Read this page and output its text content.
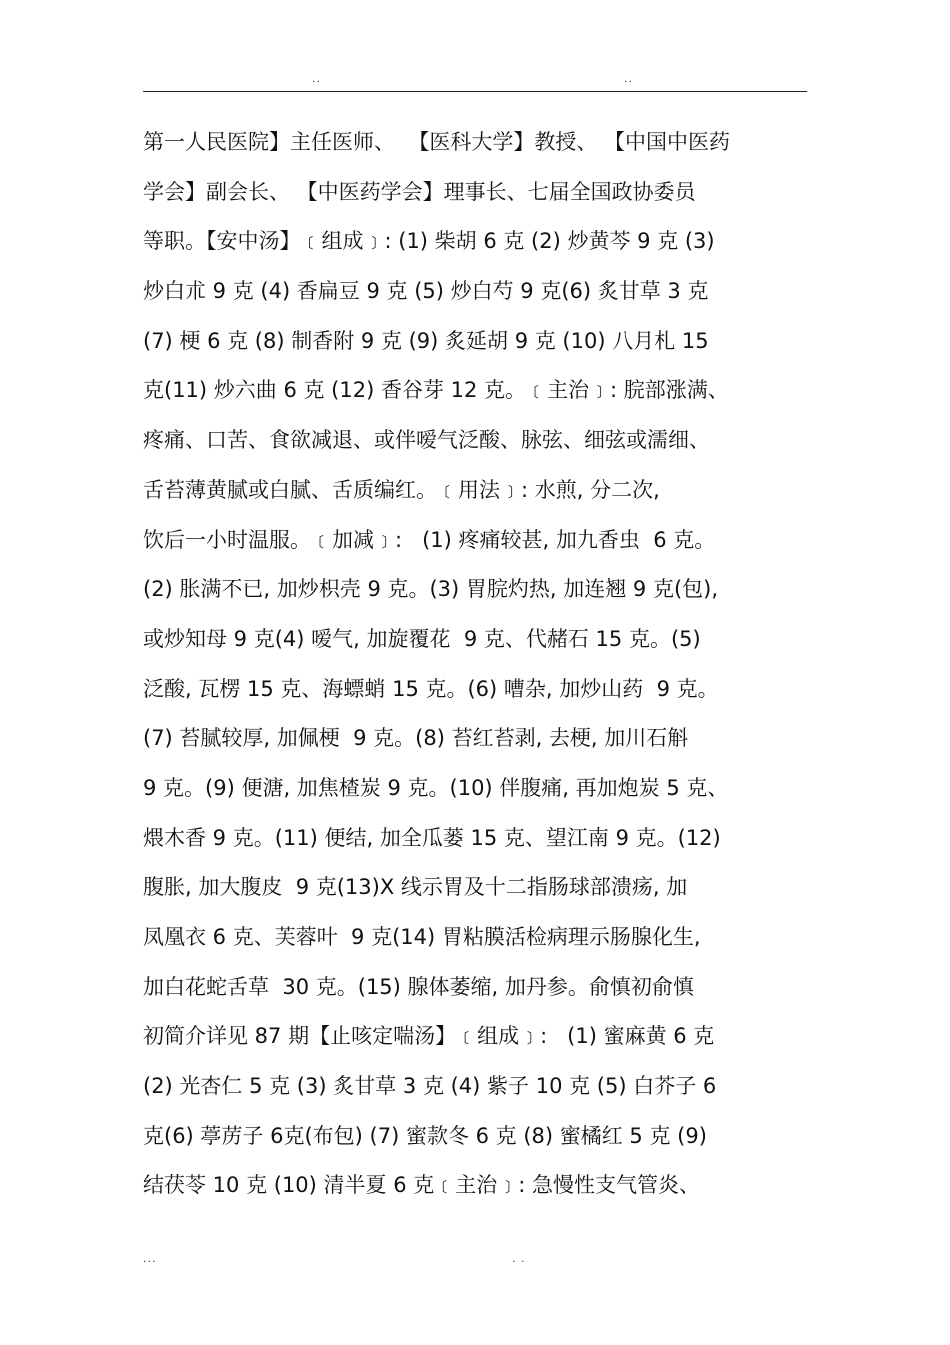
..	..
第一人民医院】主任医师、  【医科大学】教授、 【中国中医药
学会】副会长、 【中医药学会】理事长、七届全国政协委员
等职。【安中汤】﹝组成﹞: (1) 柴胡 6 克 (2) 炒黄芩 9 克 (3)
炒白朮 9 克 (4) 香扁豆 9 克 (5) 炒白芍 9 克(6) 炙甘草 3 克
(7) 梗 6 克 (8) 制香附 9 克 (9) 炙延胡 9 克 (10) 八月札 15
克(11) 炒六曲 6 克 (12) 香谷芽 12 克。﹝主治﹞: 脘部涨满、
疼痛、口苦、食欲减退、或伴嗳气泛酸、脉弦、细弦或濡细、
舌苔薄黄腻或白腻、舌质编红。﹝用法﹞: 水煎, 分二次,
饮后一小时温服。﹝加减﹞:   (1) 疼痛较甚, 加九香虫  6 克。
(2) 胀满不已, 加炒枳壳 9 克。(3) 胃脘灼热, 加连翘 9 克(包),
或炒知母 9 克(4) 嗳气, 加旋覆花  9 克、代赭石 15 克。(5)
泛酸, 瓦楞 15 克、海螵蛸 15 克。(6) 嘈杂, 加炒山药  9 克。
(7) 苔腻较厚, 加佩梗  9 克。(8) 苔红苔剥, 去梗, 加川石斛
9 克。(9) 便溏, 加焦楂炭 9 克。(10) 伴腹痛, 再加炮炭 5 克、
煨木香 9 克。(11) 便结, 加全瓜蒌 15 克、望江南 9 克。(12)
腹胀, 加大腹皮  9 克(13)X 线示胃及十二指肠球部溃疡, 加
凤凰衣 6 克、芙蓉叶  9 克(14) 胃粘膜活检病理示肠腺化生,
加白花蛇舌草  30 克。(15) 腺体萎缩, 加丹参。俞慎初俞慎
初简介详见 87 期【止咳定喘汤】﹝组成﹞:   (1) 蜜麻黄 6 克
(2) 光杏仁 5 克 (3) 炙甘草 3 克 (4) 紫子 10 克 (5) 白芥子 6
克(6) 葶苈子 6克(布包) (7) 蜜款冬 6 克 (8) 蜜橘红 5 克 (9)
结茯苓 10 克 (10) 清半夏 6 克﹝主治﹞: 急慢性支气管炎、
...	. .
